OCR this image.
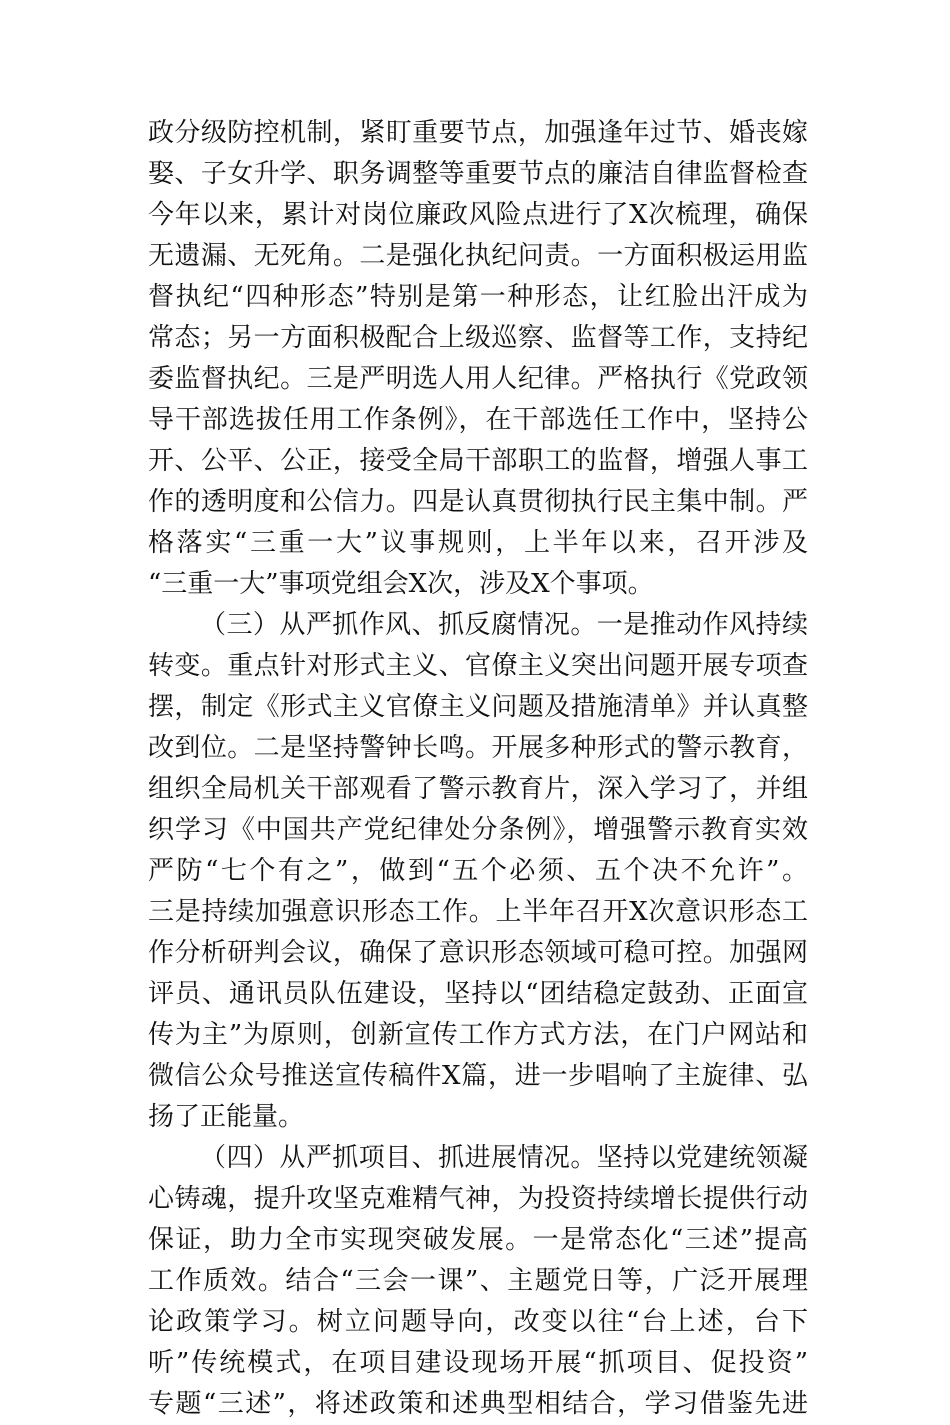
政分级防控机制，紧盯重要节点，加强逢年过节、婚丧嫁
娶、子女升学、职务调整等重要节点的廉洁自律监督检查
今年以来，累计对岗位廉政风险点进行了X次梳理，确保
无遗漏、无死角。二是强化执纪问责。一方面积极运用监
督执纪“四种形态”特别是第一种形态，让红脸出汗成为
常态；另一方面积极配合上级巡察、监督等工作，支持纪
委监督执纪。三是严明选人用人纪律。严格执行《党政领
导干部选拔任用工作条例》，在干部选任工作中，坚持公
开、公平、公正，接受全局干部职工的监督，增强人事工
作的透明度和公信力。四是认真贯彻执行民主集中制。严
格落实“三重一大”议事规则，上半年以来，召开涉及
“三重一大”事项党组会X次，涉及X个事项。
（三）从严抓作风、抓反腐情况。一是推动作风持续
转变。重点针对形式主义、官僚主义突出问题开展专项查
摆，制定《形式主义官僚主义问题及措施清单》并认真整
改到位。二是坚持警钟长鸣。开展多种形式的警示教育，
组织全局机关干部观看了警示教育片，深入学习了，并组
织学习《中国共产党纪律处分条例》，增强警示教育实效
严防“七个有之”，做到“五个必须、五个决不允许”。
三是持续加强意识形态工作。上半年召开X次意识形态工
作分析研判会议，确保了意识形态领域可稳可控。加强网
评员、通讯员队伍建设，坚持以“团结稳定鼓劲、正面宣
传为主”为原则，创新宣传工作方式方法，在门户网站和
微信公众号推送宣传稿件X篇，进一步唱响了主旋律、弘
扬了正能量。
（四）从严抓项目、抓进展情况。坚持以党建统领凝
心铸魂，提升攻坚克难精气神，为投资持续增长提供行动
保证，助力全市实现突破发展。一是常态化“三述”提高
工作质效。结合“三会一课”、主题党日等，广泛开展理
论政策学习。树立问题导向，改变以往“台上述，台下
听”传统模式，在项目建设现场开展“抓项目、促投资”
专题“三述”，将述政策和述典型相结合，学习借鉴先进
